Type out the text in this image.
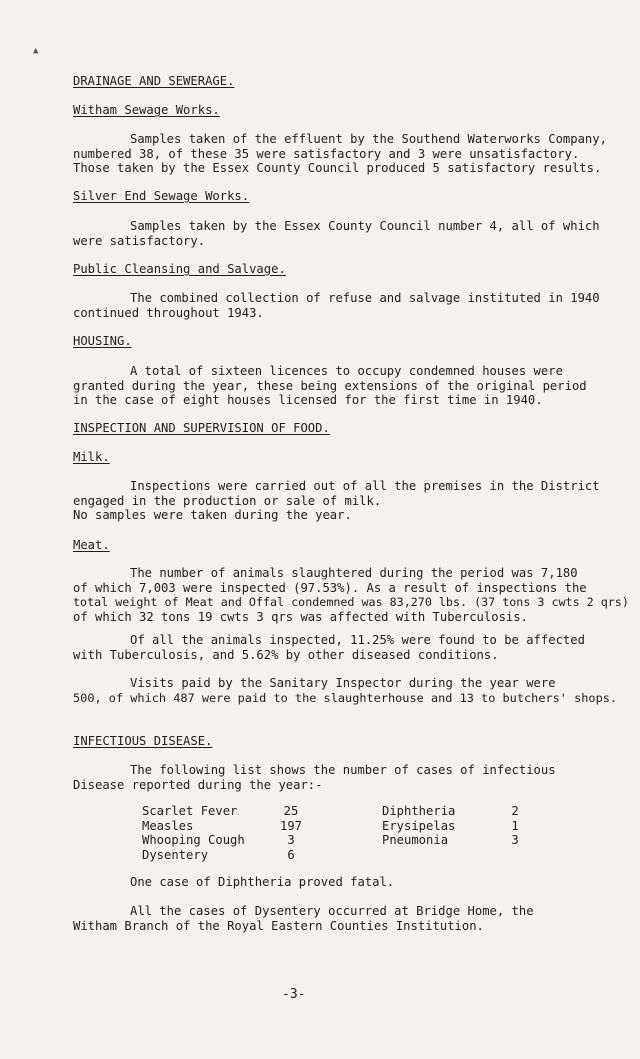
▲
DRAINAGE AND SEWERAGE.
Witham Sewage Works.
Samples taken of the effluent by the Southend Waterworks Company,
numbered 38, of these 35 were satisfactory and 3 were unsatisfactory.
Those taken by the Essex County Council produced 5 satisfactory results.
Silver End Sewage Works.
Samples taken by the Essex County Council number 4, all of which
were satisfactory.
Public Cleansing and Salvage.
The combined collection of refuse and salvage instituted in 1940
continued throughout 1943.
HOUSING.
A total of sixteen licences to occupy condemned houses were
granted during the year, these being extensions of the original period
in the case of eight houses licensed for the first time in 1940.
INSPECTION AND SUPERVISION OF FOOD.
Milk.
Inspections were carried out of all the premises in the District
engaged in the production or sale of milk.
No samples were taken during the year.
Meat.
The number of animals slaughtered during the period was 7,180
of which 7,003 were inspected (97.53%). As a result of inspections the
total weight of Meat and Offal condemned was 83,270 lbs. (37 tons 3 cwts 2 qrs)
of which 32 tons 19 cwts 3 qrs was affected with Tuberculosis.
Of all the animals inspected, 11.25% were found to be affected
with Tuberculosis, and 5.62% by other diseased conditions.
Visits paid by the Sanitary Inspector during the year were
500, of which 487 were paid to the slaughterhouse and 13 to butchers' shops.
INFECTIOUS DISEASE.
The following list shows the number of cases of infectious
Disease reported during the year:-
Scarlet Fever	25	Diphtheria	2
Measles	197	Erysipelas	1
Whooping Cough	3	Pneumonia	3
Dysentery	6
One case of Diphtheria proved fatal.
All the cases of Dysentery occurred at Bridge Home, the
Witham Branch of the Royal Eastern Counties Institution.
-3-
